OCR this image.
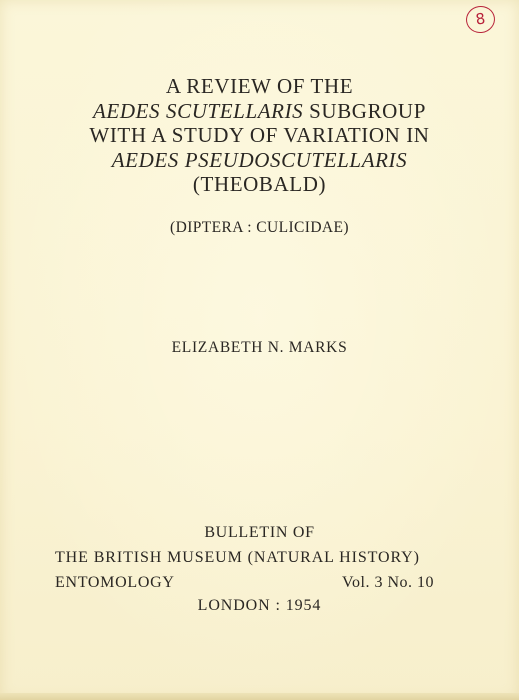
8
A REVIEW OF THE
AEDES SCUTELLARIS SUBGROUP
WITH A STUDY OF VARIATION IN
AEDES PSEUDOSCUTELLARIS
(THEOBALD)
(DIPTERA : CULICIDAE)
ELIZABETH N. MARKS
BULLETIN OF
THE BRITISH MUSEUM (NATURAL HISTORY)
ENTOMOLOGY	Vol. 3 No. 10
LONDON : 1954
